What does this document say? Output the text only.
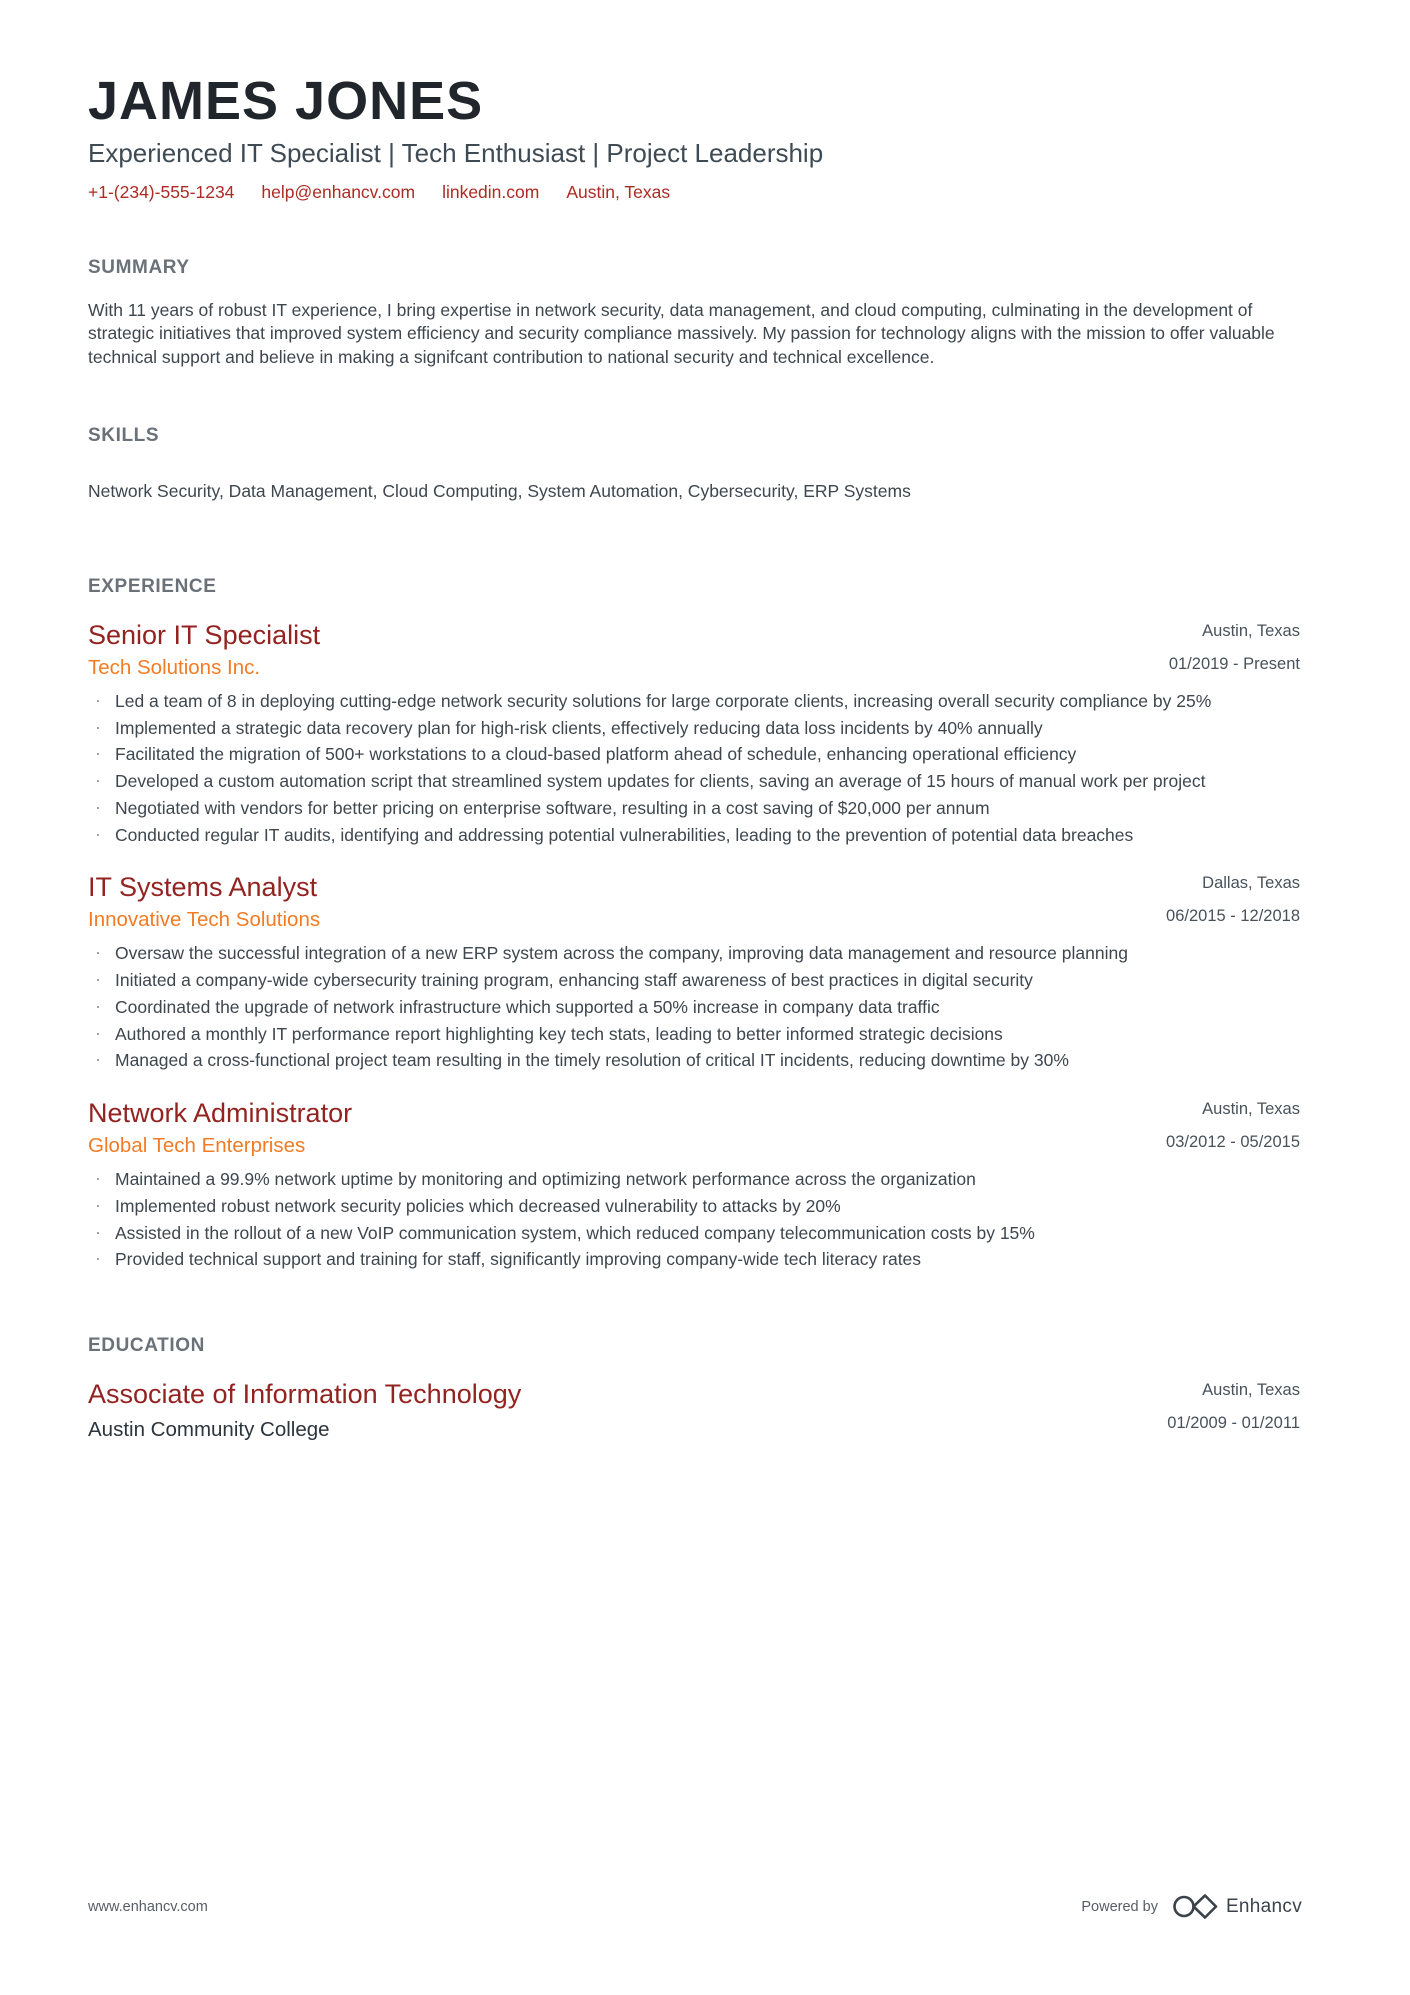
JAMES JONES
Experienced IT Specialist | Tech Enthusiast | Project Leadership
+1-(234)-555-1234 help@enhancv.com linkedin.com Austin, Texas
SUMMARY

With 11 years of robust IT experience, I bring expertise in network security, data management, and cloud computing, culminating in the development of strategic initiatives that improved system efficiency and security compliance massively. My passion for technology aligns with the mission to offer valuable technical support and believe in making a signifcant contribution to national security and technical excellence.

SKILLS

Network Security, Data Management, Cloud Computing, System Automation, Cybersecurity, ERP Systems

EXPERIENCE
Senior IT Specialist
Tech Solutions Inc.
Austin, Texas
01/2019 - Present
· Led a team of 8 in deploying cutting-edge network security solutions for large corporate clients, increasing overall security compliance by 25%
· Implemented a strategic data recovery plan for high-risk clients, effectively reducing data loss incidents by 40% annually
· Facilitated the migration of 500+ workstations to a cloud-based platform ahead of schedule, enhancing operational efficiency
· Developed a custom automation script that streamlined system updates for clients, saving an average of 15 hours of manual work per project
· Negotiated with vendors for better pricing on enterprise software, resulting in a cost saving of $20,000 per annum
· Conducted regular IT audits, identifying and addressing potential vulnerabilities, leading to the prevention of potential data breaches
IT Systems Analyst
Innovative Tech Solutions
Dallas, Texas
06/2015 - 12/2018
· Oversaw the successful integration of a new ERP system across the company, improving data management and resource planning
· Initiated a company-wide cybersecurity training program, enhancing staff awareness of best practices in digital security
· Coordinated the upgrade of network infrastructure which supported a 50% increase in company data traffic
· Authored a monthly IT performance report highlighting key tech stats, leading to better informed strategic decisions
· Managed a cross-functional project team resulting in the timely resolution of critical IT incidents, reducing downtime by 30%
Network Administrator
Global Tech Enterprises
Austin, Texas
03/2012 - 05/2015
· Maintained a 99.9% network uptime by monitoring and optimizing network performance across the organization
· Implemented robust network security policies which decreased vulnerability to attacks by 20%
· Assisted in the rollout of a new VoIP communication system, which reduced company telecommunication costs by 15%
· Provided technical support and training for staff, significantly improving company-wide tech literacy rates
EDUCATION
Associate of Information Technology
Austin Community College
Austin, Texas
01/2009 - 01/2011
www.enhancv.com	Powered by	Enhancv
